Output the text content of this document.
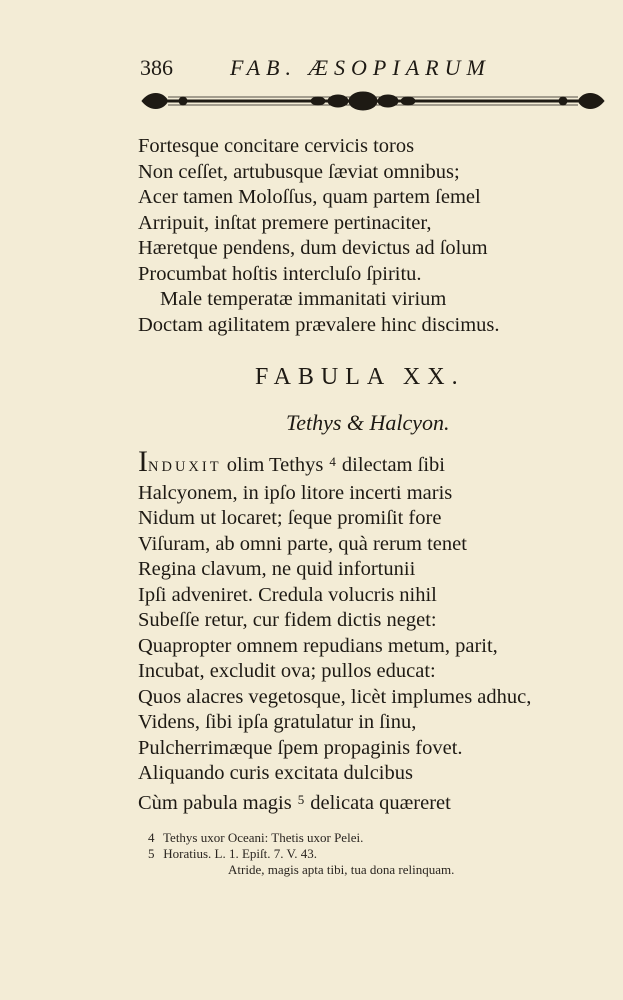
386	FAB. ÆSOPIARUM
Fortesque concitare cervicis toros
Non ceſſet, artubusque ſæviat omnibus;
Acer tamen Moloſſus, quam partem ſemel
Arripuit, inſtat premere pertinaciter,
Hæretque pendens, dum devictus ad ſolum
Procumbat hoſtis intercluſo ſpiritu.
Male temperatæ immanitati virium
Doctam agilitatem prævalere hinc discimus.
FABULA XX.
Tethys & Halcyon.
INDUXIT olim Tethys $^4$ dilectam ſibi
Halcyonem, in ipſo litore incerti maris
Nidum ut locaret; ſeque promiſit fore
Viſuram, ab omni parte, quà rerum tenet
Regina clavum, ne quid infortunii
Ipſi adveniret. Credula volucris nihil
Subeſſe retur, cur fidem dictis neget:
Quapropter omnem repudians metum, parit,
Incubat, excludit ova; pullos educat:
Quos alacres vegetosque, licèt implumes adhuc,
Videns, ſibi ipſa gratulatur in ſinu,
Pulcherrimæque ſpem propaginis fovet.
Aliquando curis excitata dulcibus
Cùm pabula magis $^5$ delicata quæreret
4 Tethys uxor Oceani: Thetis uxor Pelei.
5 Horatius. L. 1. Epiſt. 7. V. 43.
Atride, magis apta tibi, tua dona relinquam.
